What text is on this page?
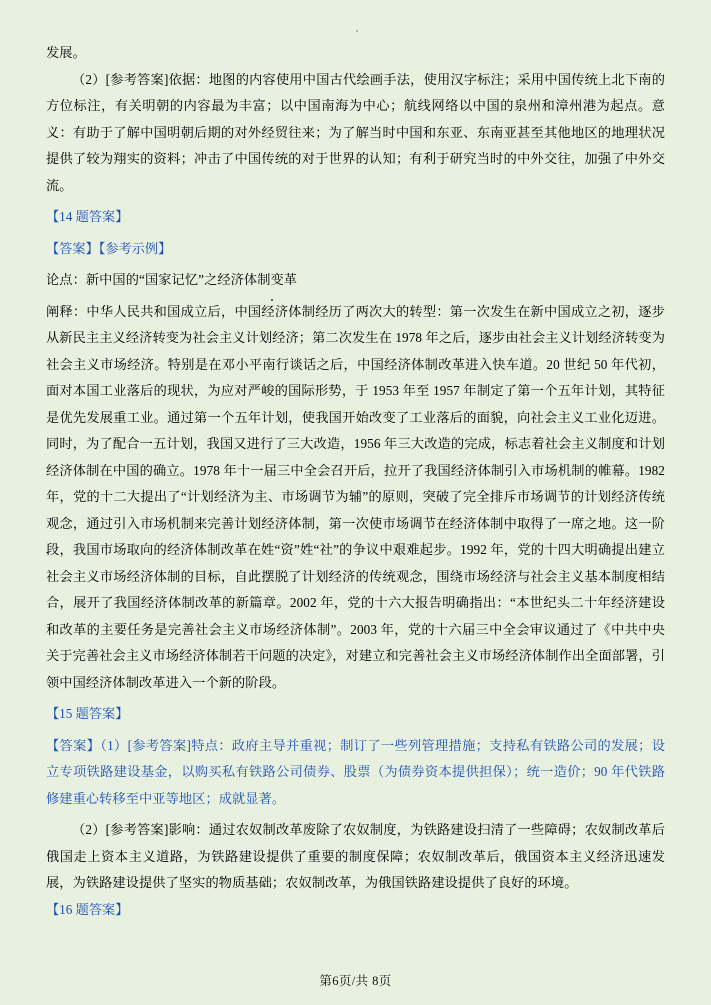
发展。

（2）[参考答案]依据：地图的内容使用中国古代绘画手法，使用汉字标注；采用中国传统上北下南的方位标注，有关明朝的内容最为丰富；以中国南海为中心；航线网络以中国的泉州和漳州港为起点。意义：有助于了解中国明朝后期的对外经贸往来；为了解当时中国和东亚、东南亚甚至其他地区的地理状况提供了较为翔实的资料；冲击了中国传统的对于世界的认知；有利于研究当时的中外交往，加强了中外交流。

【14 题答案】

【答案】【参考示例】

论点：新中国的“国家记忆”之经济体制变革

阐释：中华人民共和国成立后，中国经济体制经历了两次大的转型：第一次发生在新中国成立之初，逐步从新民主主义经济转变为社会主义计划经济；第二次发生在 1978 年之后，逐步由社会主义计划经济转变为社会主义市场经济。特别是在邓小平南行谈话之后，中国经济体制改革进入快车道。20 世纪 50 年代初，面对本国工业落后的现状，为应对严峻的国际形势，于 1953 年至 1957 年制定了第一个五年计划，其特征是优先发展重工业。通过第一个五年计划，使我国开始改变了工业落后的面貌，向社会主义工业化迈进。同时，为了配合一五计划，我国又进行了三大改造，1956 年三大改造的完成，标志着社会主义制度和计划经济体制在中国的确立。1978 年十一届三中全会召开后，拉开了我国经济体制引入市场机制的帷幕。1982 年，党的十二大提出了“计划经济为主、市场调节为辅”的原则，突破了完全排斥市场调节的计划经济传统观念，通过引入市场机制来完善计划经济体制，第一次使市场调节在经济体制中取得了一席之地。这一阶段，我国市场取向的经济体制改革在姓“资”姓“社”的争议中艰难起步。1992 年，党的十四大明确提出建立社会主义市场经济体制的目标，自此摆脱了计划经济的传统观念，围绕市场经济与社会主义基本制度相结合，展开了我国经济体制改革的新篇章。2002 年，党的十六大报告明确指出：“本世纪头二十年经济建设和改革的主要任务是完善社会主义市场经济体制”。2003 年，党的十六届三中全会审议通过了《中共中央关于完善社会主义市场经济体制若干问题的决定》，对建立和完善社会主义市场经济体制作出全面部署，引领中国经济体制改革进入一个新的阶段。

【15 题答案】

【答案】（1）[参考答案]特点：政府主导并重视；制订了一些列管理措施；支持私有铁路公司的发展；设立专项铁路建设基金，以购买私有铁路公司债券、股票（为债券资本提供担保）；统一造价；90 年代铁路修建重心转移至中亚等地区；成就显著。

（2）[参考答案]影响：通过农奴制改革废除了农奴制度，为铁路建设扫清了一些障碍；农奴制改革后俄国走上资本主义道路，为铁路建设提供了重要的制度保障；农奴制改革后，俄国资本主义经济迅速发展，为铁路建设提供了坚实的物质基础；农奴制改革，为俄国铁路建设提供了良好的环境。

【16 题答案】

第6页/共 8页
